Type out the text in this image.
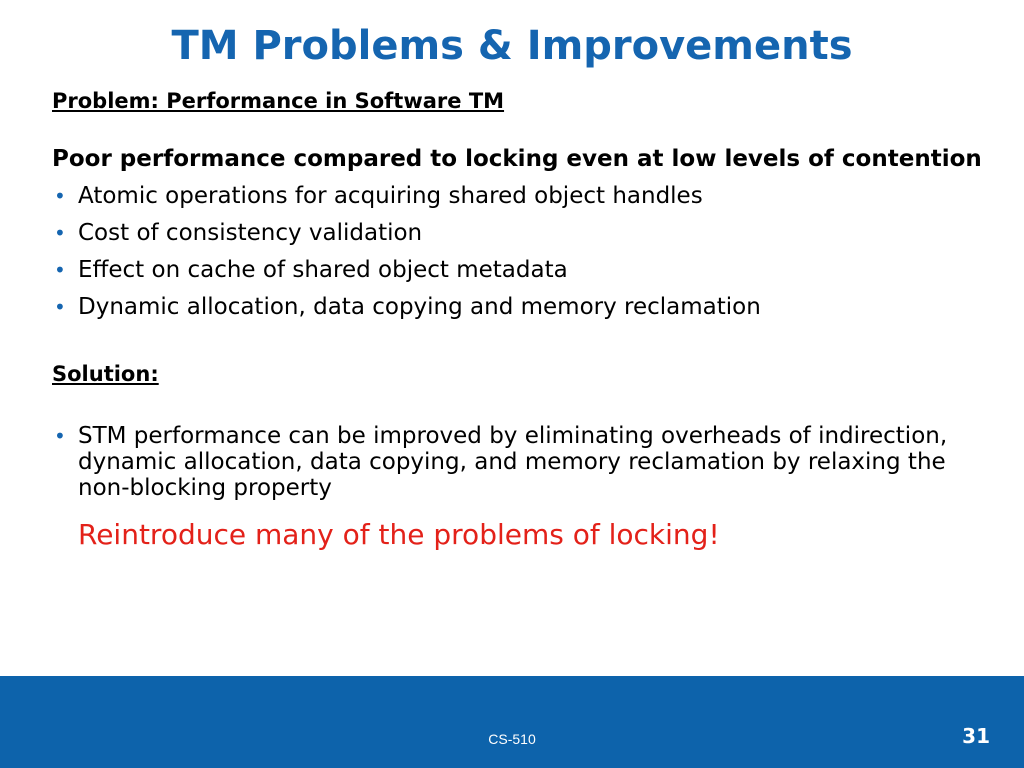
TM Problems & Improvements
Problem: Performance in Software TM
Poor performance compared to locking even at low levels of contention
• Atomic operations for acquiring shared object handles
• Cost of consistency validation
• Effect on cache of shared object metadata
• Dynamic allocation, data copying and memory reclamation
Solution:
• STM performance can be improved by eliminating overheads of indirection, dynamic allocation, data copying, and memory reclamation by relaxing the non-blocking property
Reintroduce many of the problems of locking!
CS-510	31
